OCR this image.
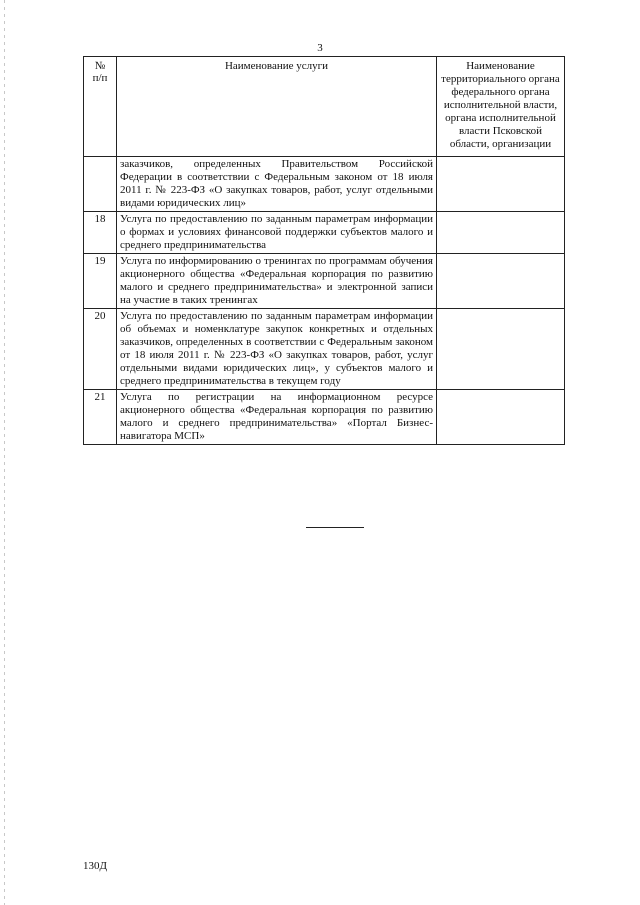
3
№
п/п	Наименование услуги	Наименование территориального органа федерального органа исполнительной власти, органа исполнительной власти Псковской области, организации
	заказчиков, определенных Правительством Российской Федерации в соответствии с Федеральным законом от 18 июля 2011 г. № 223-ФЗ «О закупках товаров, работ, услуг отдельными видами юридических лиц»	
18	Услуга по предоставлению по заданным параметрам информации о формах и условиях финансовой поддержки субъектов малого и среднего предпринимательства	
19	Услуга по информированию о тренингах по программам обучения акционерного общества «Федеральная корпорация по развитию малого и среднего предпринимательства» и электронной записи на участие в таких тренингах	
20	Услуга по предоставлению по заданным параметрам информации об объемах и номенклатуре закупок конкретных и отдельных заказчиков, определенных в соответствии с Федеральным законом от 18 июля 2011 г. № 223-ФЗ «О закупках товаров, работ, услуг отдельными видами юридических лиц», у субъектов малого и среднего предпринимательства в текущем году	
21	Услуга по регистрации на информационном ресурсе акционерного общества «Федеральная корпорация по развитию малого и среднего предпринимательства» «Портал Бизнес-навигатора МСП»	
130Д
